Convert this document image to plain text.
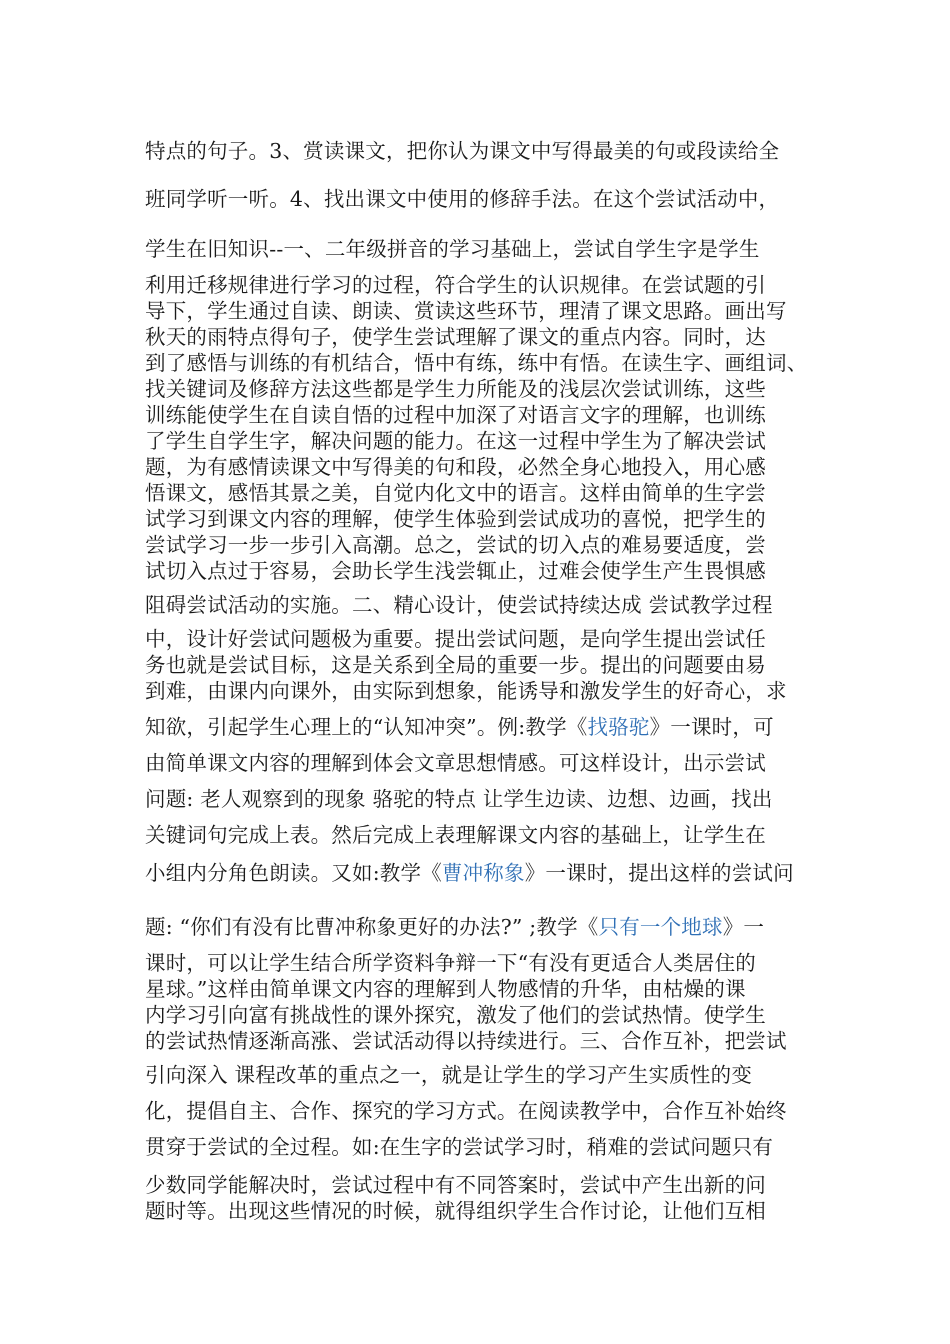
特点的句子。3、赏读课文，把你认为课文中写得最美的句或段读给全
班同学听一听。4、找出课文中使用的修辞手法。在这个尝试活动中，
学生在旧知识--一、二年级拼音的学习基础上，尝试自学生字是学生
利用迁移规律进行学习的过程，符合学生的认识规律。在尝试题的引
导下，学生通过自读、朗读、赏读这些环节，理清了课文思路。画出写
秋天的雨特点得句子，使学生尝试理解了课文的重点内容。同时，达
到了感悟与训练的有机结合，悟中有练，练中有悟。在读生字、画组词、
找关键词及修辞方法这些都是学生力所能及的浅层次尝试训练，这些
训练能使学生在自读自悟的过程中加深了对语言文字的理解，也训练
了学生自学生字，解决问题的能力。在这一过程中学生为了解决尝试
题，为有感情读课文中写得美的句和段，必然全身心地投入，用心感
悟课文，感悟其景之美，自觉内化文中的语言。这样由简单的生字尝
试学习到课文内容的理解，使学生体验到尝试成功的喜悦，把学生的
尝试学习一步一步引入高潮。总之，尝试的切入点的难易要适度，尝
试切入点过于容易，会助长学生浅尝辄止，过难会使学生产生畏惧感
阻碍尝试活动的实施。二、精心设计，使尝试持续达成 尝试教学过程
中，设计好尝试问题极为重要。提出尝试问题，是向学生提出尝试任
务也就是尝试目标，这是关系到全局的重要一步。提出的问题要由易
到难，由课内向课外，由实际到想象，能诱导和激发学生的好奇心，求
知欲，引起学生心理上的“认知冲突”。例:教学《找骆驼》一课时，可
由简单课文内容的理解到体会文章思想情感。可这样设计，出示尝试
问题: 老人观察到的现象 骆驼的特点 让学生边读、边想、边画，找出
关键词句完成上表。然后完成上表理解课文内容的基础上，让学生在
小组内分角色朗读。又如:教学《曹冲称象》一课时，提出这样的尝试问
题: “你们有没有比曹冲称象更好的办法?” ;教学《只有一个地球》一
课时，可以让学生结合所学资料争辩一下“有没有更适合人类居住的
星球。”这样由简单课文内容的理解到人物感情的升华，由枯燥的课
内学习引向富有挑战性的课外探究，激发了他们的尝试热情。使学生
的尝试热情逐渐高涨、尝试活动得以持续进行。三、合作互补，把尝试
引向深入 课程改革的重点之一，就是让学生的学习产生实质性的变
化，提倡自主、合作、探究的学习方式。在阅读教学中，合作互补始终
贯穿于尝试的全过程。如:在生字的尝试学习时，稍难的尝试问题只有
少数同学能解决时，尝试过程中有不同答案时，尝试中产生出新的问
题时等。出现这些情况的时候，就得组织学生合作讨论，让他们互相
